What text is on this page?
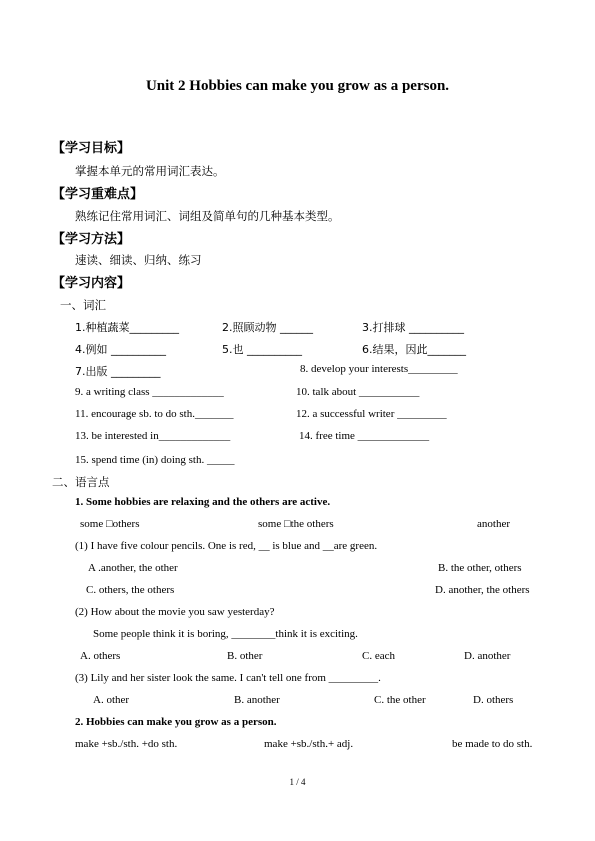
Unit 2 Hobbies can make you grow as a person.
【学习目标】
掌握本单元的常用词汇表达。
【学习重难点】
熟练记住常用词汇、词组及简单句的几种基本类型。
【学习方法】
速读、细读、归纳、练习
【学习内容】
一、词汇
1.种植蔬菜_________	2.照顾动物 ______	3.打排球 __________
4.例如 __________	5.也 __________	6.结果，因此_______
7.出版 _________	8. develop your interests_________
9. a writing class _____________	10. talk about ___________
11. encourage sb. to do sth._______	12. a successful writer _________
13. be interested in_____________	14. free time _____________
15. spend time (in) doing sth. _____
二、语言点
1. Some hobbies are relaxing and the others are active.
some □others	some □the others	another
(1) I have five colour pencils. One is red, __ is blue and __are green.
A .another, the other	B. the other, others
C. others, the others	D. another, the others
(2) How about the movie you saw yesterday?
Some people think it is boring, ________think it is exciting.
A. others	B. other	C. each	D. another
(3) Lily and her sister look the same. I can't tell one from _________.
A. other	B. another	C. the other	D. others
2. Hobbies can make you grow as a person.
make +sb./sth. +do sth.	make +sb./sth.+ adj.	be made to do sth.
1 / 4
